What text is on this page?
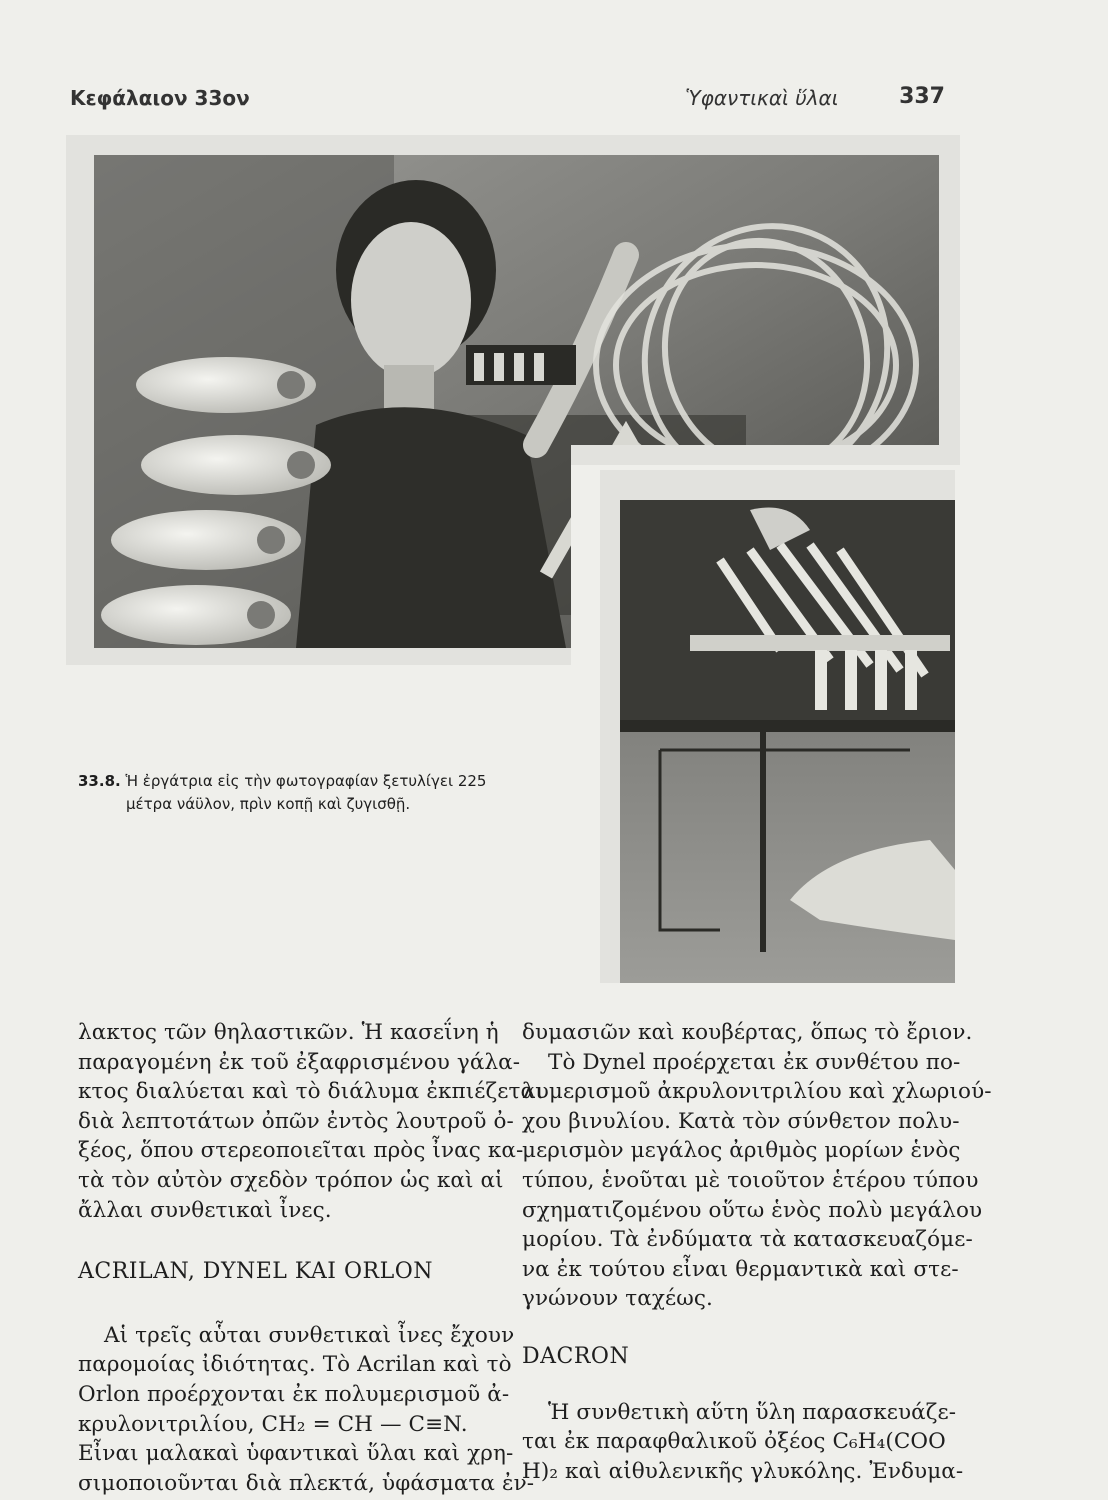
Κεφάλαιον 33ον	Ὑφαντικαὶ ὕλαι	337
33.8. Ἡ ἐργάτρια εἰς τὴν φωτογραφίαν ξετυλίγει 225
μέτρα νάϋλον, πρὶν κοπῇ καὶ ζυγισθῇ.
λακτος τῶν θηλαστικῶν. Ἡ κασεΐνη ἡ
παραγομένη ἐκ τοῦ ἐξαφρισμένου γάλα-
κτος διαλύεται καὶ τὸ διάλυμα ἐκπιέζεται
διὰ λεπτοτάτων ὀπῶν ἐντὸς λουτροῦ ὀ-
ξέος, ὅπου στερεοποιεῖται πρὸς ἶνας κα-
τὰ τὸν αὐτὸν σχεδὸν τρόπον ὡς καὶ αἱ
ἄλλαι συνθετικαὶ ἶνες.
ACRILAN, DYNEL KAI ORLON
Αἱ τρεῖς αὗται συνθετικαὶ ἶνες ἔχουν
παρομοίας ἰδιότητας. Τὸ Acrilan καὶ τὸ
Orlon προέρχονται ἐκ πολυμερισμοῦ ἀ-
κρυλονιτριλίου, CH₂ = CH — C≡N.
Εἶναι μαλακαὶ ὑφαντικαὶ ὕλαι καὶ χρη-
σιμοποιοῦνται διὰ πλεκτά, ὑφάσματα ἐν-
δυμασιῶν καὶ κουβέρτας, ὅπως τὸ ἔριον.
Τὸ Dynel προέρχεται ἐκ συνθέτου πο-
λυμερισμοῦ ἀκρυλονιτριλίου καὶ χλωριού-
χου βινυλίου. Κατὰ τὸν σύνθετον πολυ-
μερισμὸν μεγάλος ἀριθμὸς μορίων ἑνὸς
τύπου, ἑνοῦται μὲ τοιοῦτον ἑτέρου τύπου
σχηματιζομένου οὕτω ἑνὸς πολὺ μεγάλου
μορίου. Τὰ ἐνδύματα τὰ κατασκευαζόμε-
να ἐκ τούτου εἶναι θερμαντικὰ καὶ στε-
γνώνουν ταχέως.
DACRON
Ἡ συνθετικὴ αὕτη ὕλη παρασκευάζε-
ται ἐκ παραφθαλικοῦ ὀξέος C₆H₄(COO
H)₂ καὶ αἰθυλενικῆς γλυκόλης. Ἐνδυμα-
